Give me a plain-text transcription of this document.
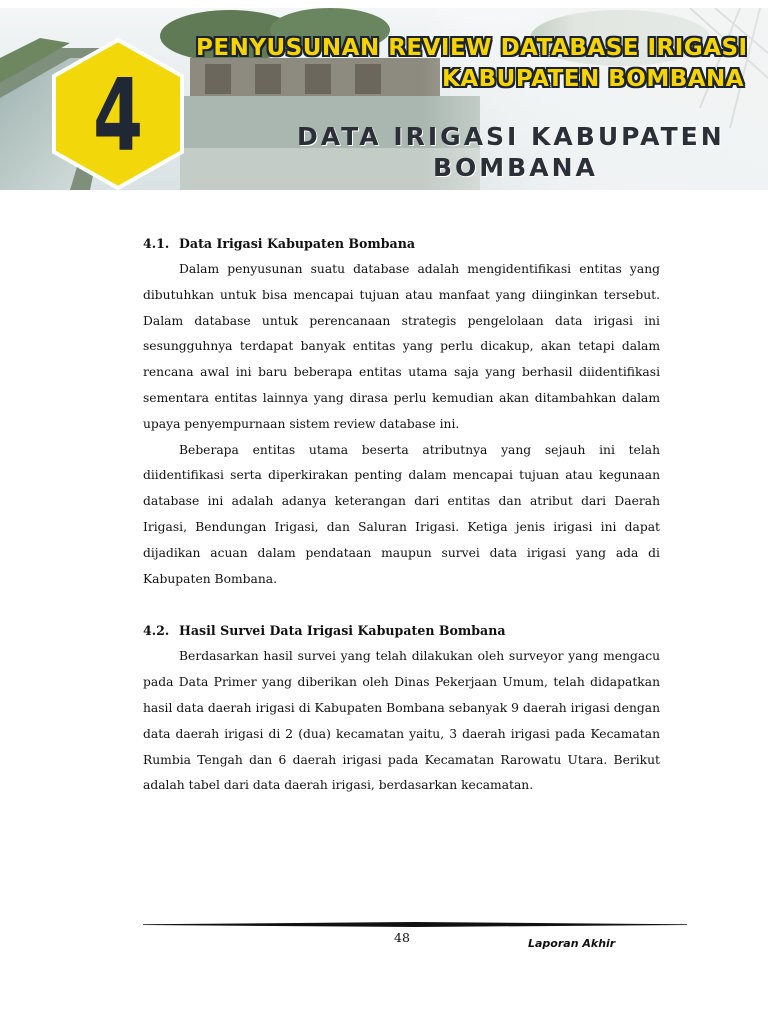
4
PENYUSUNAN REVIEW DATABASE IRIGASI
KABUPATEN BOMBANA
DATA IRIGASI KABUPATEN
BOMBANA
4.1. Data Irigasi Kabupaten Bombana

Dalam penyusunan suatu database adalah mengidentifikasi entitas yang dibutuhkan untuk bisa mencapai tujuan atau manfaat yang diinginkan tersebut. Dalam database untuk perencanaan strategis pengelolaan data irigasi ini sesungguhnya terdapat banyak entitas yang perlu dicakup, akan tetapi dalam rencana awal ini baru beberapa entitas utama saja yang berhasil diidentifikasi sementara entitas lainnya yang dirasa perlu kemudian akan ditambahkan dalam upaya penyempurnaan sistem review database ini.

Beberapa entitas utama beserta atributnya yang sejauh ini telah diidentifikasi serta diperkirakan penting dalam mencapai tujuan atau kegunaan database ini adalah adanya keterangan dari entitas dan atribut dari Daerah Irigasi, Bendungan Irigasi, dan Saluran Irigasi. Ketiga jenis irigasi ini dapat dijadikan acuan dalam pendataan maupun survei data irigasi yang ada di Kabupaten Bombana.

4.2. Hasil Survei Data Irigasi Kabupaten Bombana

Berdasarkan hasil survei yang telah dilakukan oleh surveyor yang mengacu pada Data Primer yang diberikan oleh Dinas Pekerjaan Umum, telah didapatkan hasil data daerah irigasi di Kabupaten Bombana sebanyak 9 daerah irigasi dengan data daerah irigasi di 2 (dua) kecamatan yaitu, 3 daerah irigasi pada Kecamatan Rumbia Tengah dan 6 daerah irigasi pada Kecamatan Rarowatu Utara. Berikut adalah tabel dari data daerah irigasi, berdasarkan kecamatan.

48	Laporan Akhir
